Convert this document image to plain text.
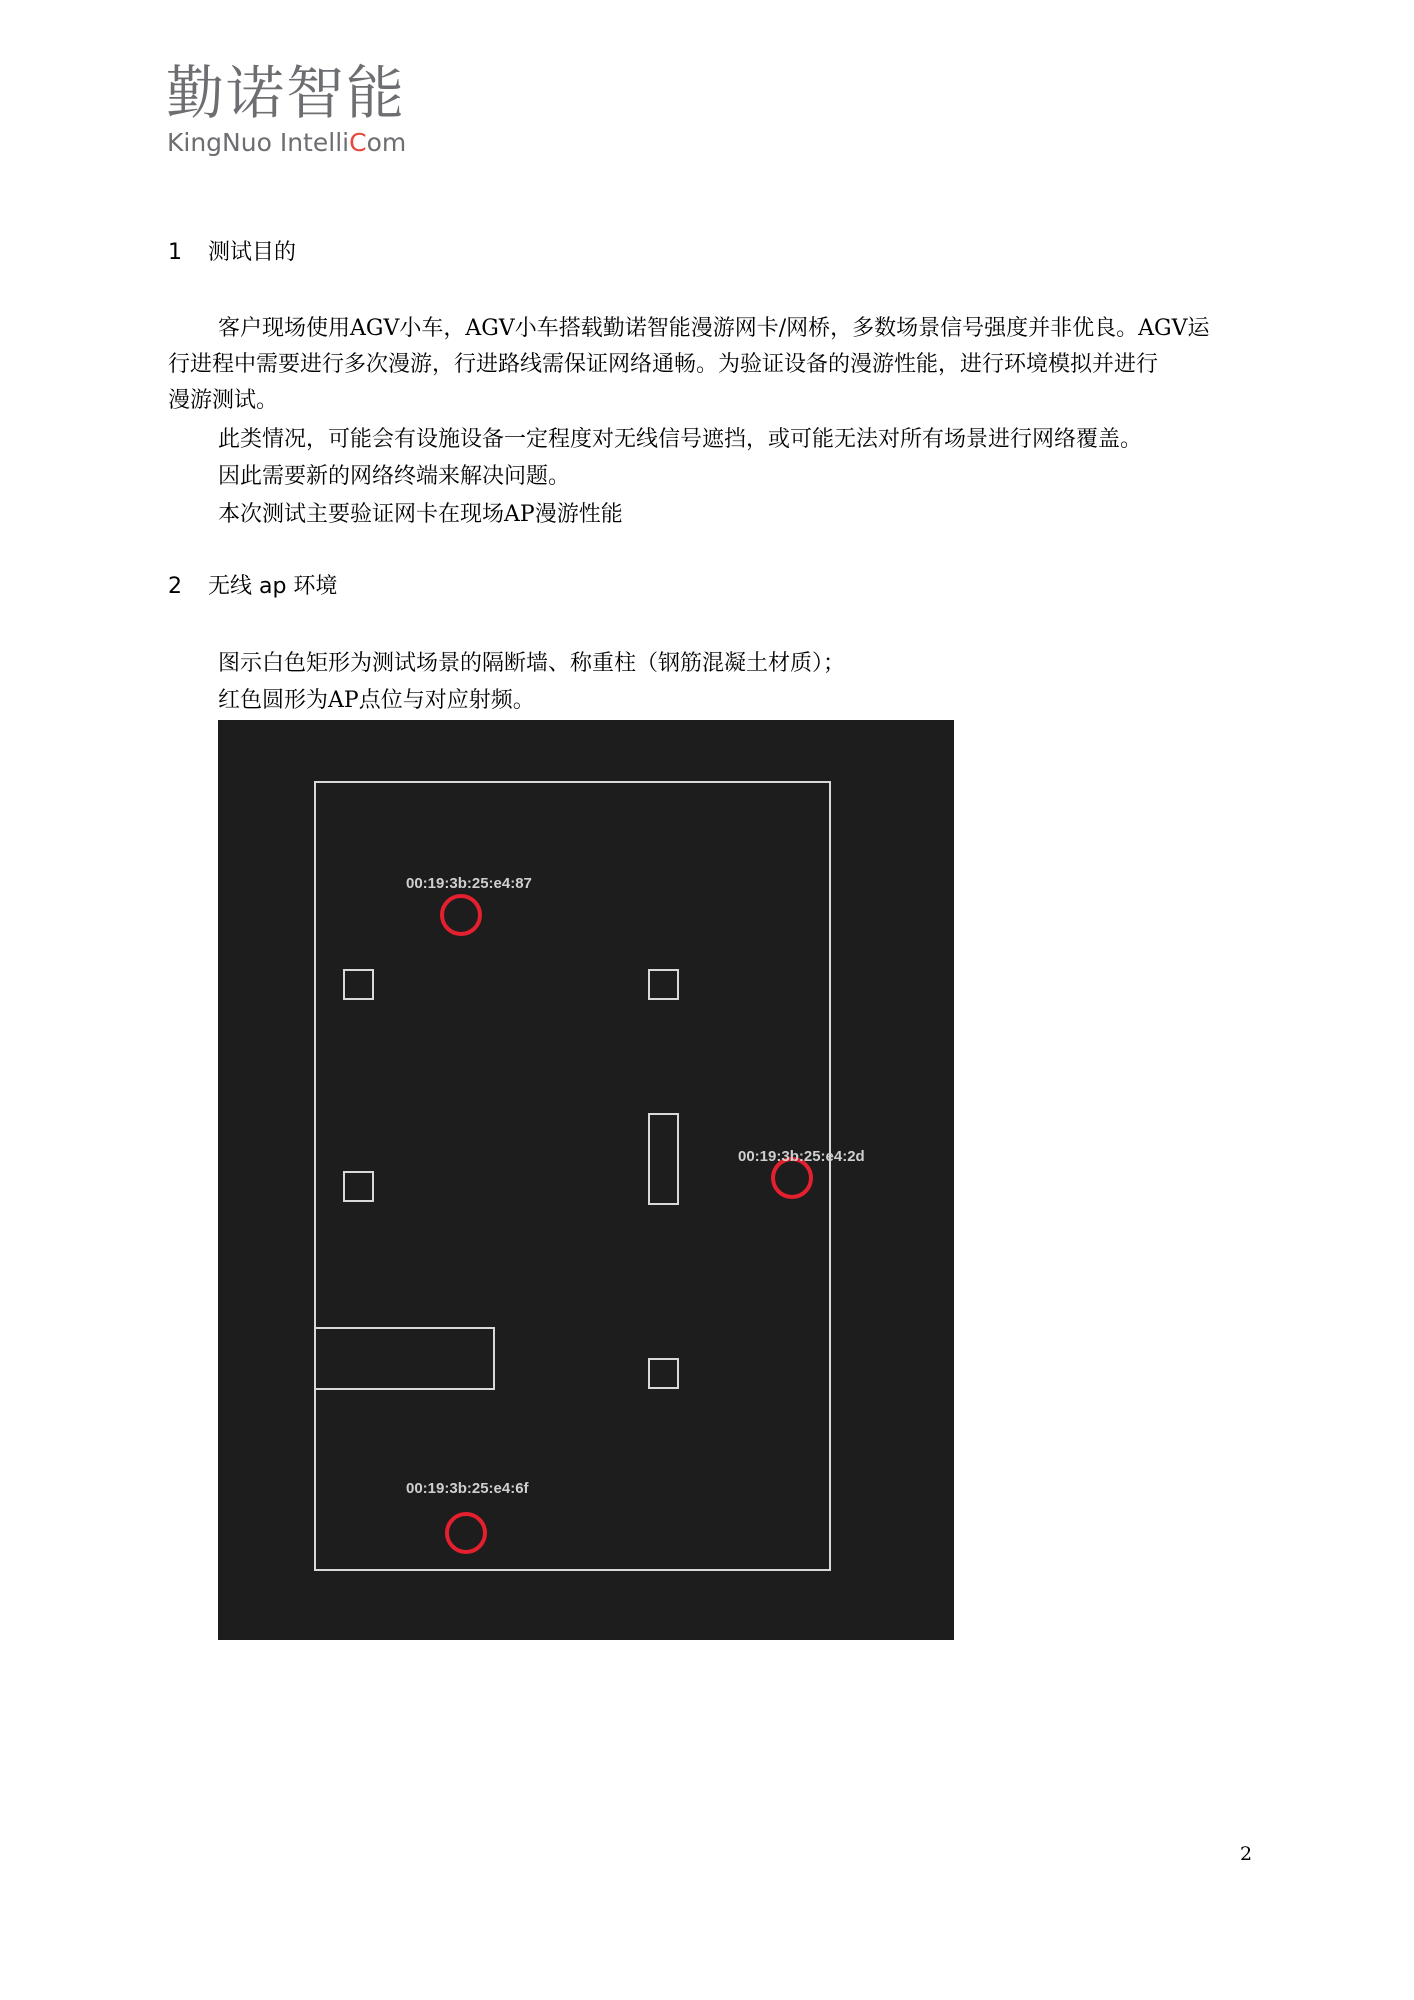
勤诺智能
KingNuo IntelliCom
1 测试目的
客户现场使用AGV小车，AGV小车搭载勤诺智能漫游网卡/网桥，多数场景信号强度并非优良。AGV运
行进程中需要进行多次漫游，行进路线需保证网络通畅。为验证设备的漫游性能，进行环境模拟并进行
漫游测试。
此类情况，可能会有设施设备一定程度对无线信号遮挡，或可能无法对所有场景进行网络覆盖。
因此需要新的网络终端来解决问题。
本次测试主要验证网卡在现场AP漫游性能
2 无线 ap 环境
图示白色矩形为测试场景的隔断墙、称重柱（钢筋混凝土材质）；
红色圆形为AP点位与对应射频。
00:19:3b:25:e4:87
00:19:3b:25:e4:2d
00:19:3b:25:e4:6f
2
